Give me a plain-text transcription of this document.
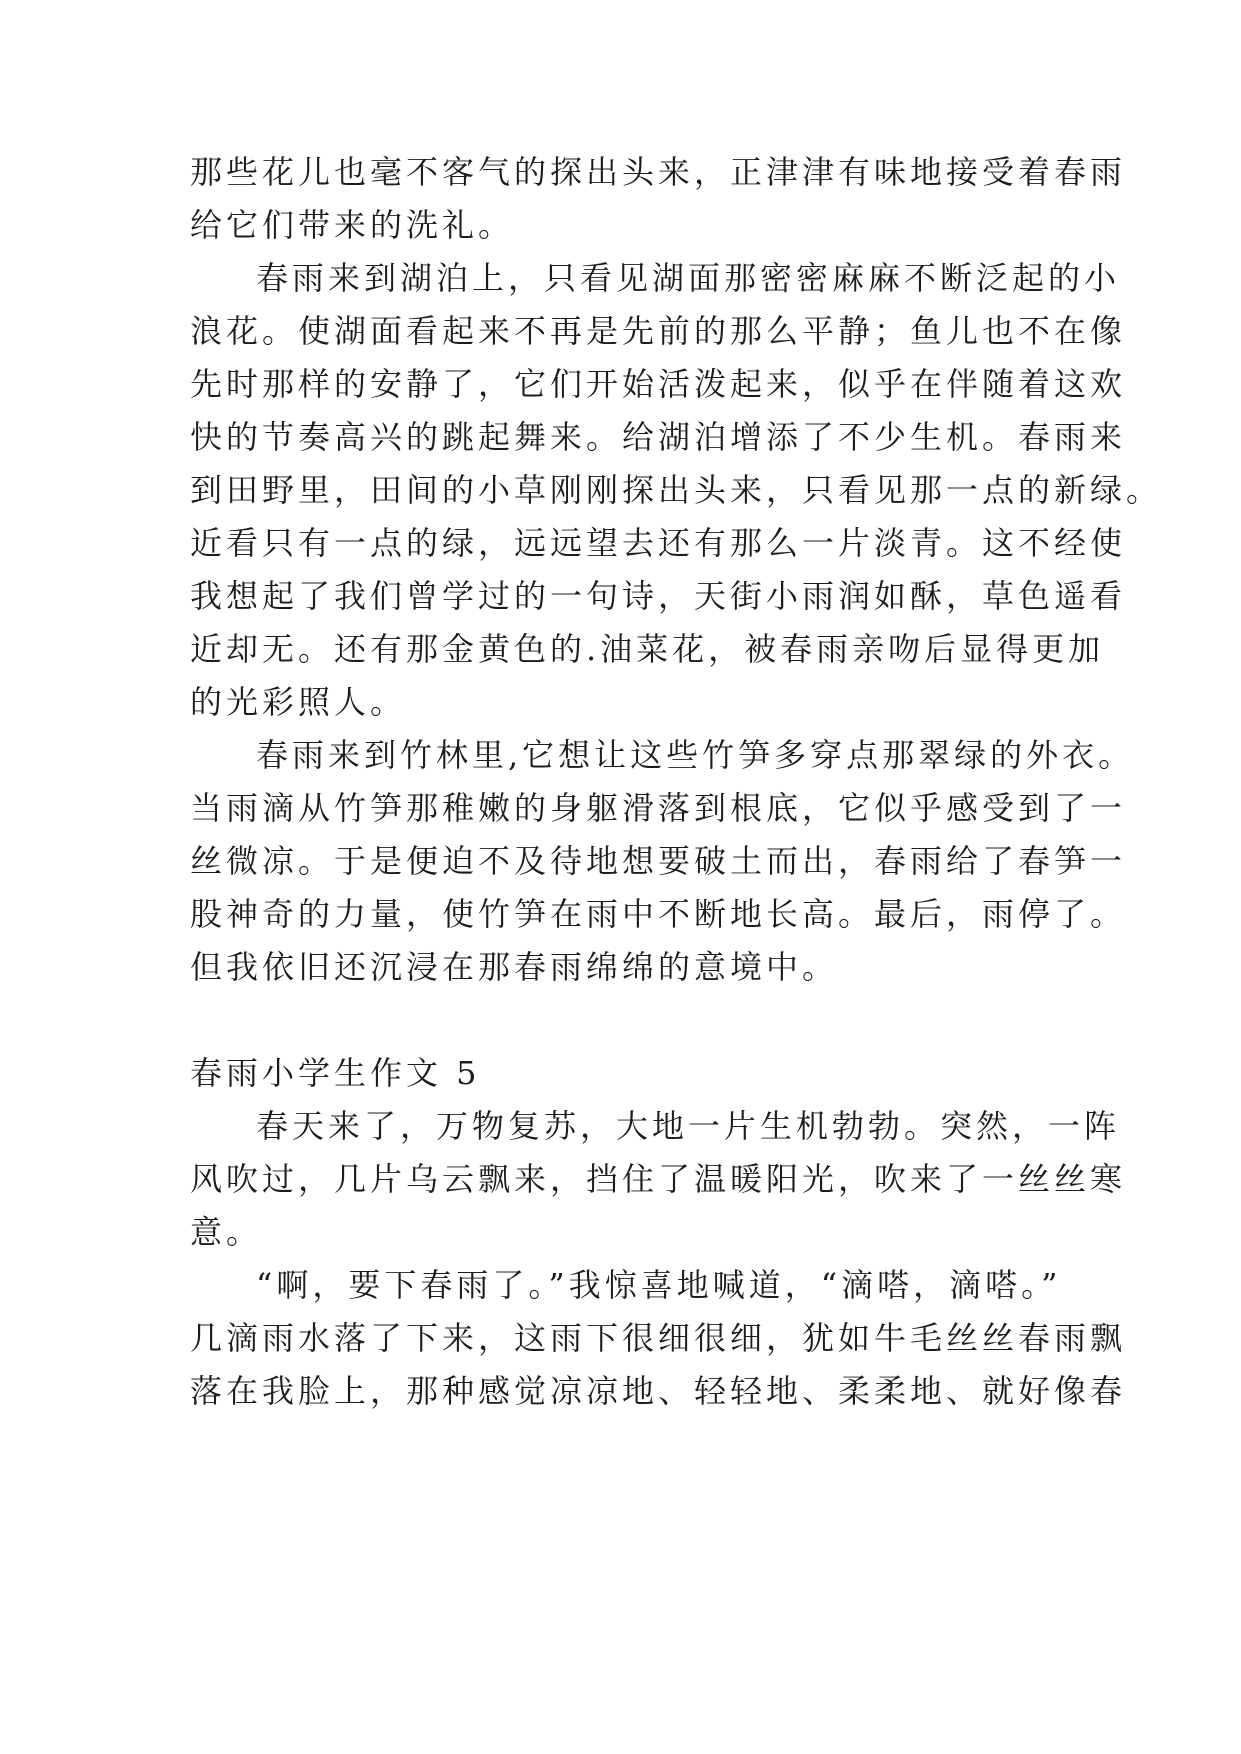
那些花儿也毫不客气的探出头来，正津津有味地接受着春雨
给它们带来的洗礼。
春雨来到湖泊上，只看见湖面那密密麻麻不断泛起的小
浪花。使湖面看起来不再是先前的那么平静；鱼儿也不在像
先时那样的安静了，它们开始活泼起来，似乎在伴随着这欢
快的节奏高兴的跳起舞来。给湖泊增添了不少生机。春雨来
到田野里，田间的小草刚刚探出头来，只看见那一点的新绿。
近看只有一点的绿，远远望去还有那么一片淡青。这不经使
我想起了我们曾学过的一句诗，天街小雨润如酥，草色遥看
近却无。还有那金黄色的.油菜花，被春雨亲吻后显得更加
的光彩照人。
春雨来到竹林里,它想让这些竹笋多穿点那翠绿的外衣。
当雨滴从竹笋那稚嫩的身躯滑落到根底，它似乎感受到了一
丝微凉。于是便迫不及待地想要破土而出，春雨给了春笋一
股神奇的力量，使竹笋在雨中不断地长高。最后，雨停了。
但我依旧还沉浸在那春雨绵绵的意境中。
春雨小学生作文 5
春天来了，万物复苏，大地一片生机勃勃。突然，一阵
风吹过，几片乌云飘来，挡住了温暖阳光，吹来了一丝丝寒
意。
“啊，要下春雨了。”我惊喜地喊道，“滴嗒，滴嗒。”
几滴雨水落了下来，这雨下很细很细，犹如牛毛丝丝春雨飘
落在我脸上，那种感觉凉凉地、轻轻地、柔柔地、就好像春
